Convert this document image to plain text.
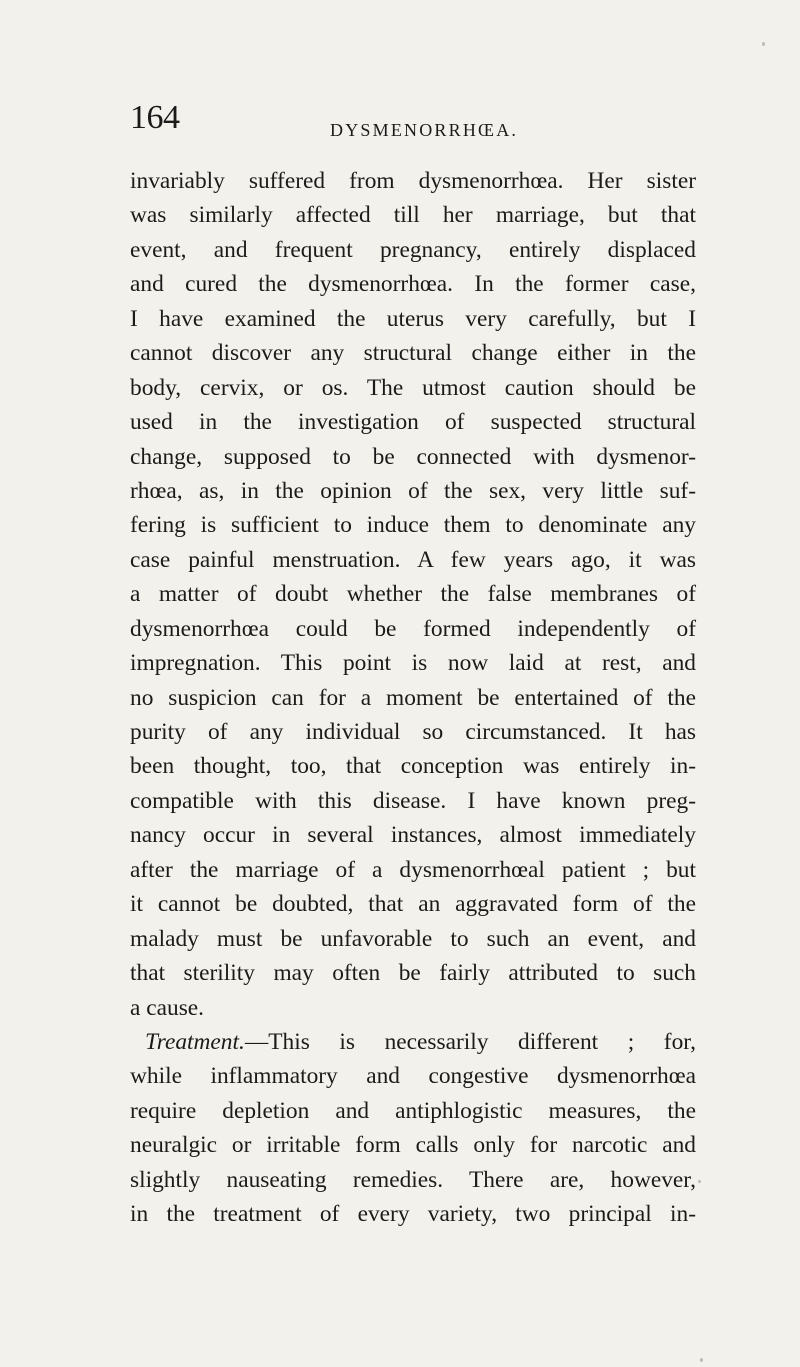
164	DYSMENORRHŒA.
invariably suffered from dysmenorrhœa. Her sister
was similarly affected till her marriage, but that
event, and frequent pregnancy, entirely displaced
and cured the dysmenorrhœa. In the former case,
I have examined the uterus very carefully, but I
cannot discover any structural change either in the
body, cervix, or os. The utmost caution should be
used in the investigation of suspected structural
change, supposed to be connected with dysmenor-
rhœa, as, in the opinion of the sex, very little suf-
fering is sufficient to induce them to denominate any
case painful menstruation. A few years ago, it was
a matter of doubt whether the false membranes of
dysmenorrhœa could be formed independently of
impregnation. This point is now laid at rest, and
no suspicion can for a moment be entertained of the
purity of any individual so circumstanced. It has
been thought, too, that conception was entirely in-
compatible with this disease. I have known preg-
nancy occur in several instances, almost immediately
after the marriage of a dysmenorrhœal patient ; but
it cannot be doubted, that an aggravated form of the
malady must be unfavorable to such an event, and
that sterility may often be fairly attributed to such
a cause.
Treatment.—This is necessarily different ; for,
while inflammatory and congestive dysmenorrhœa
require depletion and antiphlogistic measures, the
neuralgic or irritable form calls only for narcotic and
slightly nauseating remedies. There are, however,
in the treatment of every variety, two principal in-
